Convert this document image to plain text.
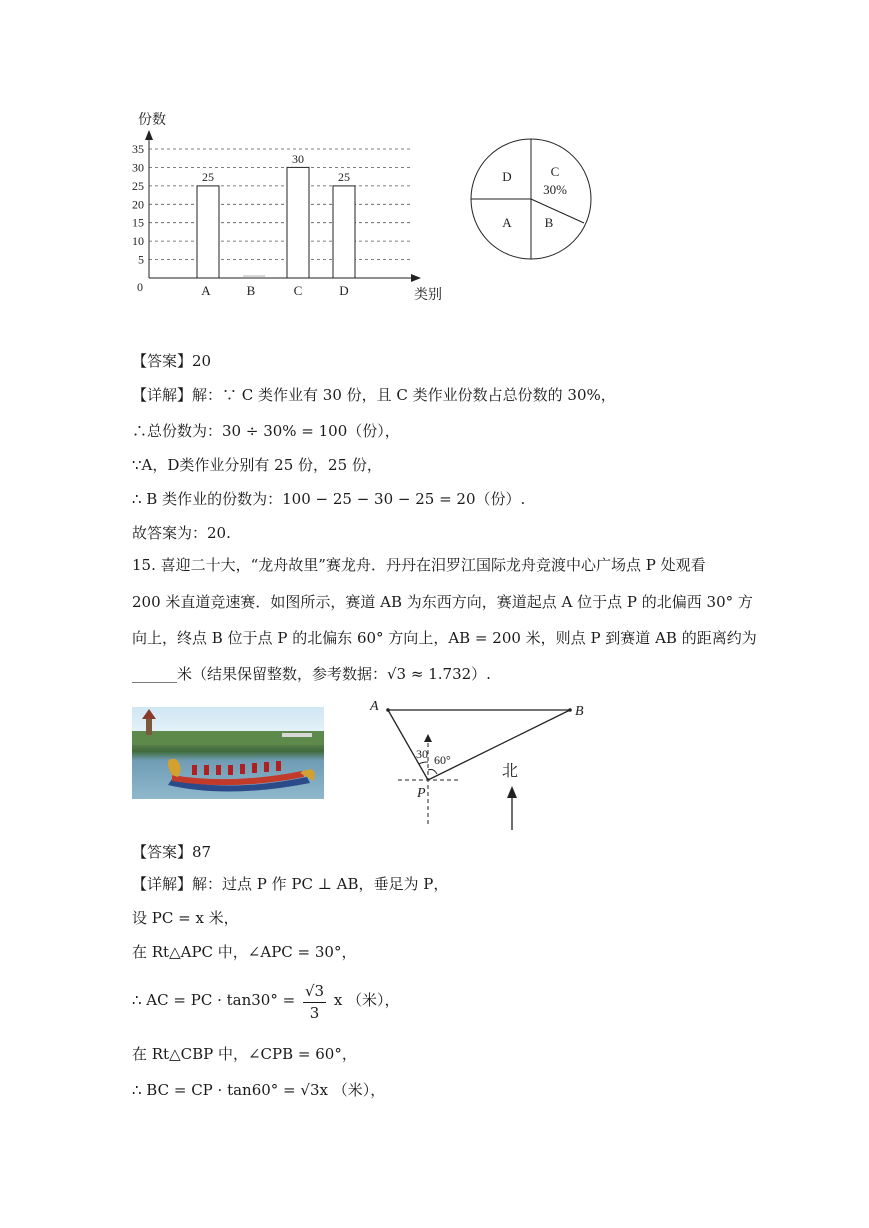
份数
5
10
15
20
25
30
35
0
25
30
25
A	B	C	D	类别
D	C
30%
A	B
【答案】20
【详解】解：∵ C 类作业有 30 份，且 C 类作业份数占总份数的 30%，
∴总份数为：30 ÷ 30% = 100（份），
∵A，D类作业分别有 25 份，25 份，
∴ B 类作业的份数为：100 − 25 − 30 − 25 = 20（份）.
故答案为：20.
15. 喜迎二十大，“龙舟故里”赛龙舟．丹丹在汨罗江国际龙舟竞渡中心广场点 P 处观看
200 米直道竞速赛．如图所示，赛道 AB 为东西方向，赛道起点 A 位于点 P 的北偏西 30° 方
向上，终点 B 位于点 P 的北偏东 60° 方向上，AB = 200 米，则点 P 到赛道 AB 的距离约为
______米（结果保留整数，参考数据：√3 ≈ 1.732）.
A	B
P
30 60°
北
【答案】87
【详解】解：过点 P 作 PC ⊥ AB，垂足为 P，
设 PC = x 米，
在 Rt△APC 中，∠APC = 30°，
∴ AC = PC · $\tan 30^\circ = \frac{√3}{3}$ x （米），
在 Rt△CBP 中，∠CPB = 60°，
∴ BC = CP · tan60° = √3x （米），
